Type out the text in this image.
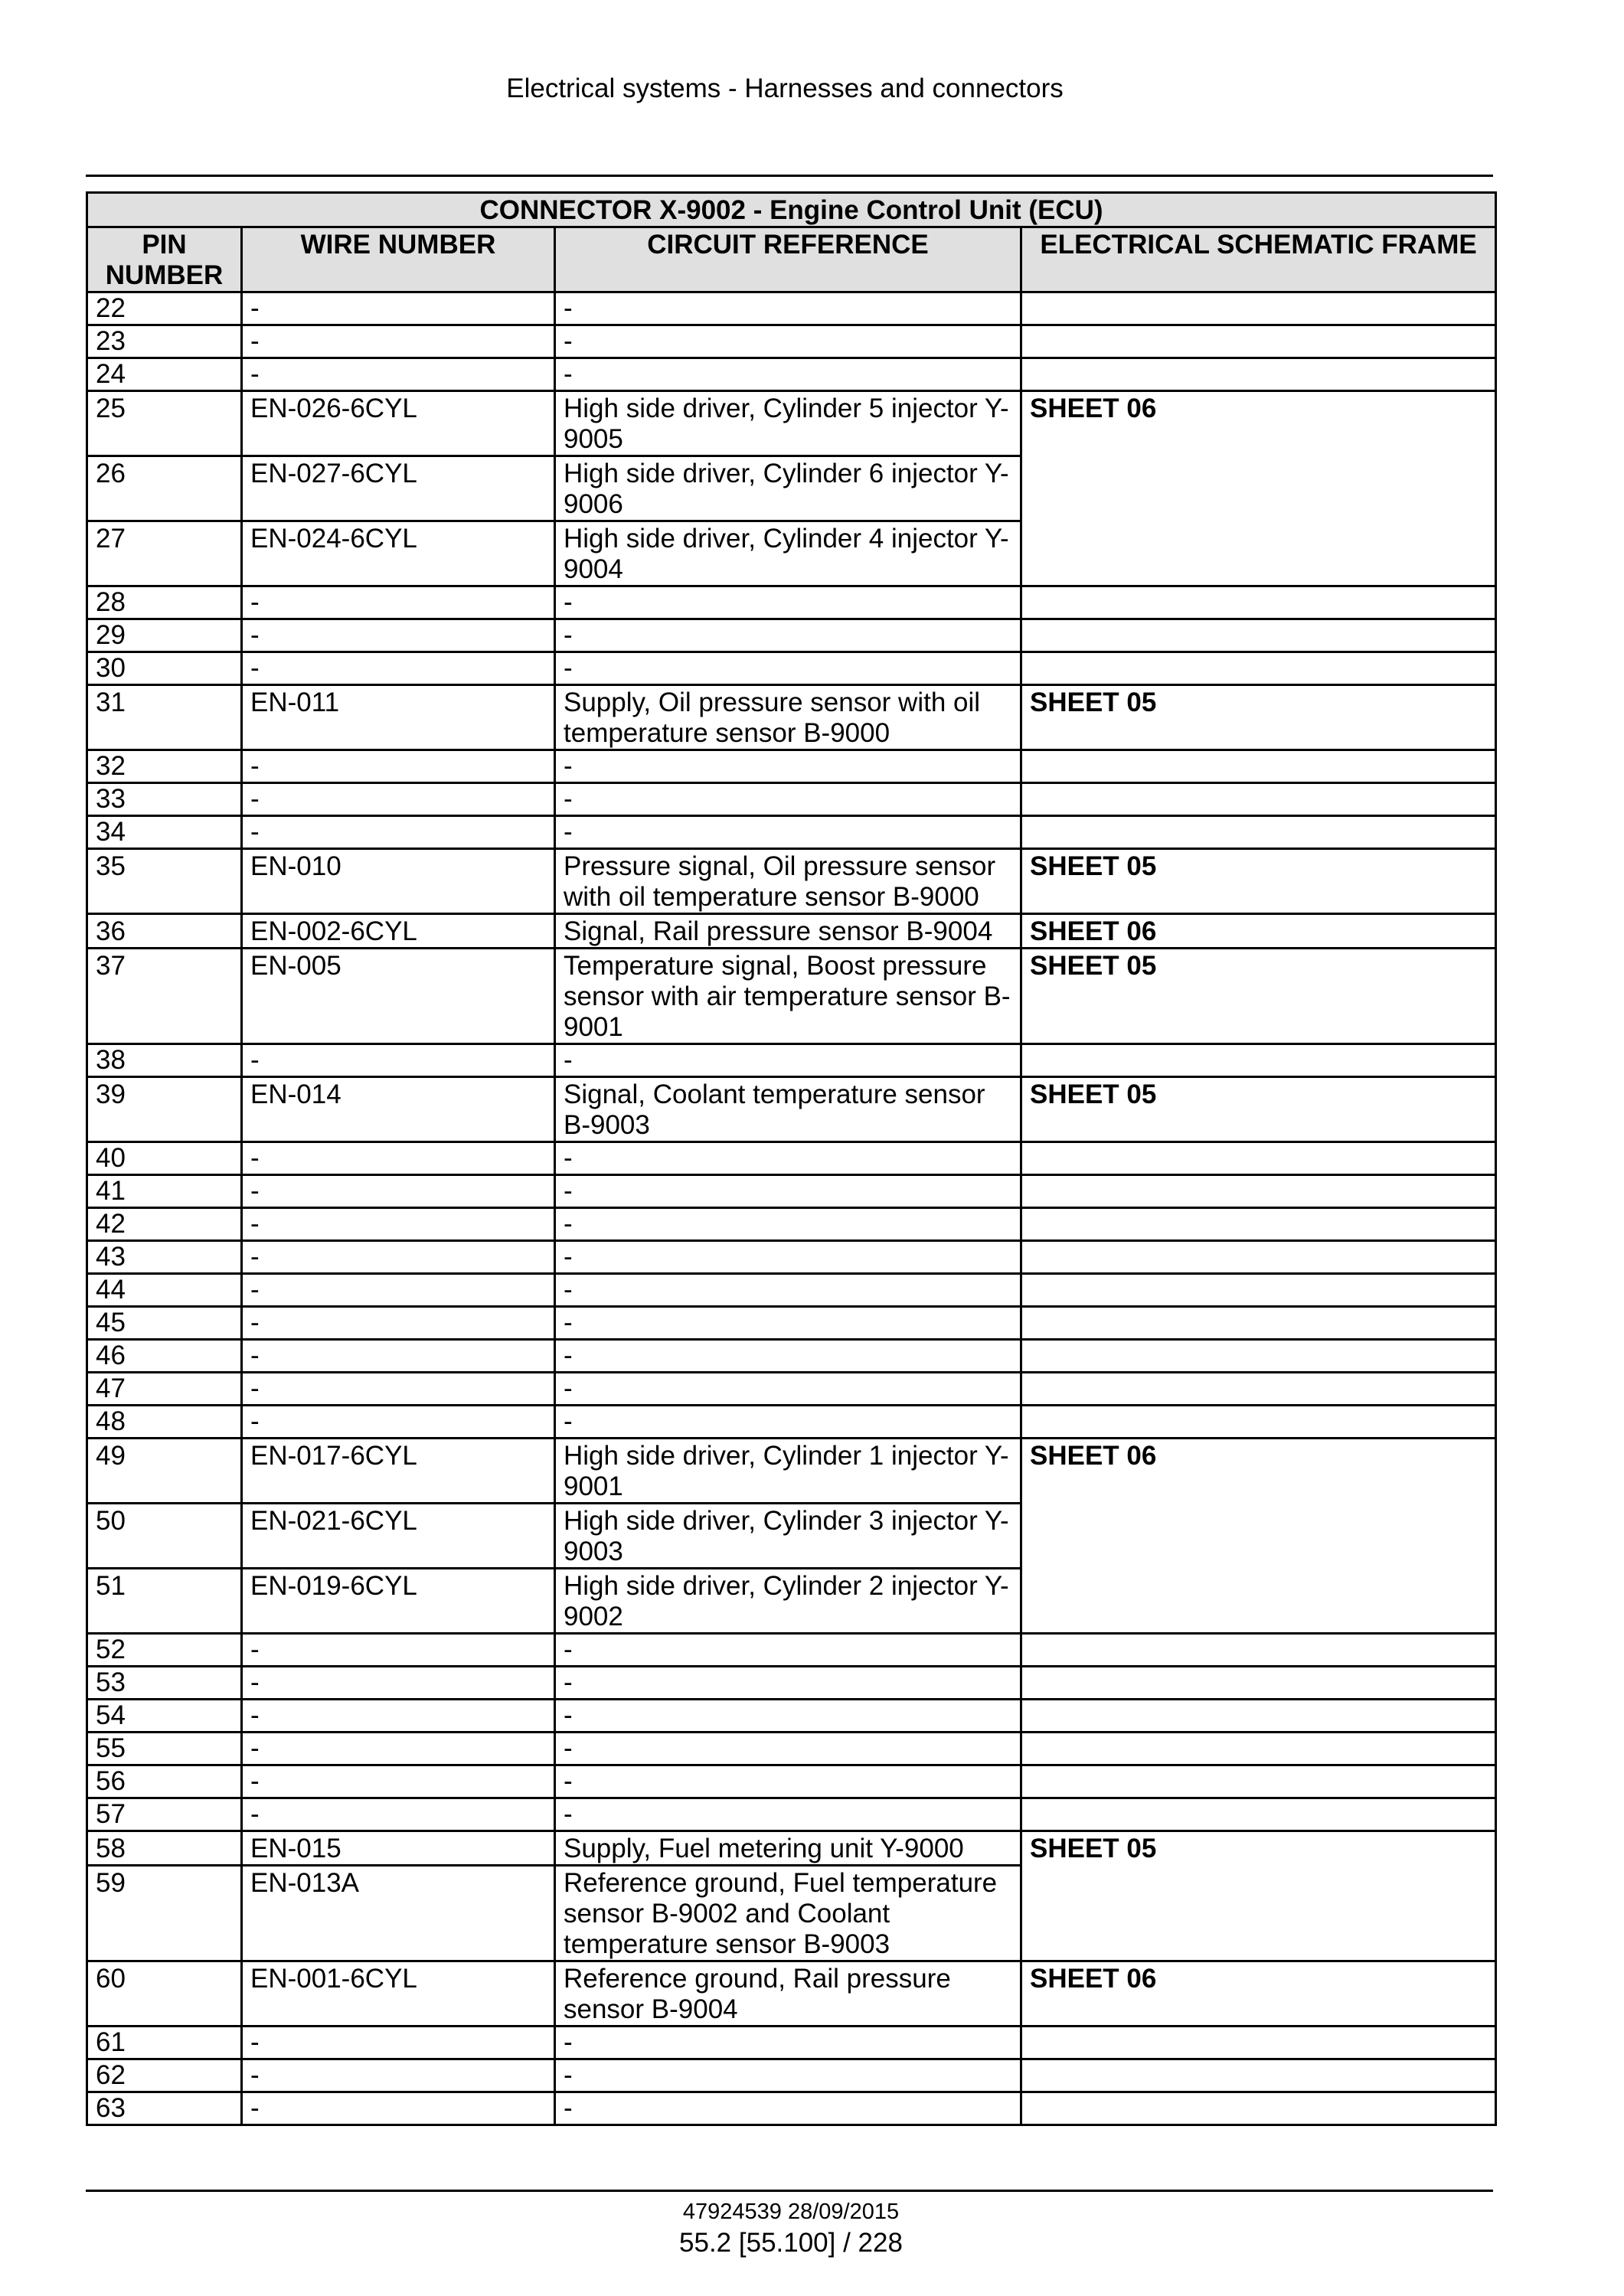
Electrical systems - Harnesses and connectors
CONNECTOR X-9002 - Engine Control Unit (ECU)			
PIN NUMBER	WIRE NUMBER	CIRCUIT REFERENCE	ELECTRICAL SCHEMATIC FRAME
22	-	-	
23	-	-	
24	-	-	
25	EN-026-6CYL	High side driver, Cylinder 5 injector Y-9005	SHEET 06
26	EN-027-6CYL	High side driver, Cylinder 6 injector Y-9006	
27	EN-024-6CYL	High side driver, Cylinder 4 injector Y-9004	
28	-	-	
29	-	-	
30	-	-	
31	EN-011	Supply, Oil pressure sensor with oil temperature sensor B-9000	SHEET 05
32	-	-	
33	-	-	
34	-	-	
35	EN-010	Pressure signal, Oil pressure sensor with oil temperature sensor B-9000	SHEET 05
36	EN-002-6CYL	Signal, Rail pressure sensor B-9004	SHEET 06
37	EN-005	Temperature signal, Boost pressure sensor with air temperature sensor B-9001	SHEET 05
38	-	-	
39	EN-014	Signal, Coolant temperature sensor B-9003	SHEET 05
40	-	-	
41	-	-	
42	-	-	
43	-	-	
44	-	-	
45	-	-	
46	-	-	
47	-	-	
48	-	-	
49	EN-017-6CYL	High side driver, Cylinder 1 injector Y-9001	SHEET 06
50	EN-021-6CYL	High side driver, Cylinder 3 injector Y-9003	
51	EN-019-6CYL	High side driver, Cylinder 2 injector Y-9002	
52	-	-	
53	-	-	
54	-	-	
55	-	-	
56	-	-	
57	-	-	
58	EN-015	Supply, Fuel metering unit Y-9000	SHEET 05
59	EN-013A	Reference ground, Fuel temperature sensor B-9002 and Coolant temperature sensor B-9003	
60	EN-001-6CYL	Reference ground, Rail pressure sensor B-9004	SHEET 06
61	-	-	
62	-	-	
63	-	-	
47924539 28/09/2015
55.2 [55.100] / 228
